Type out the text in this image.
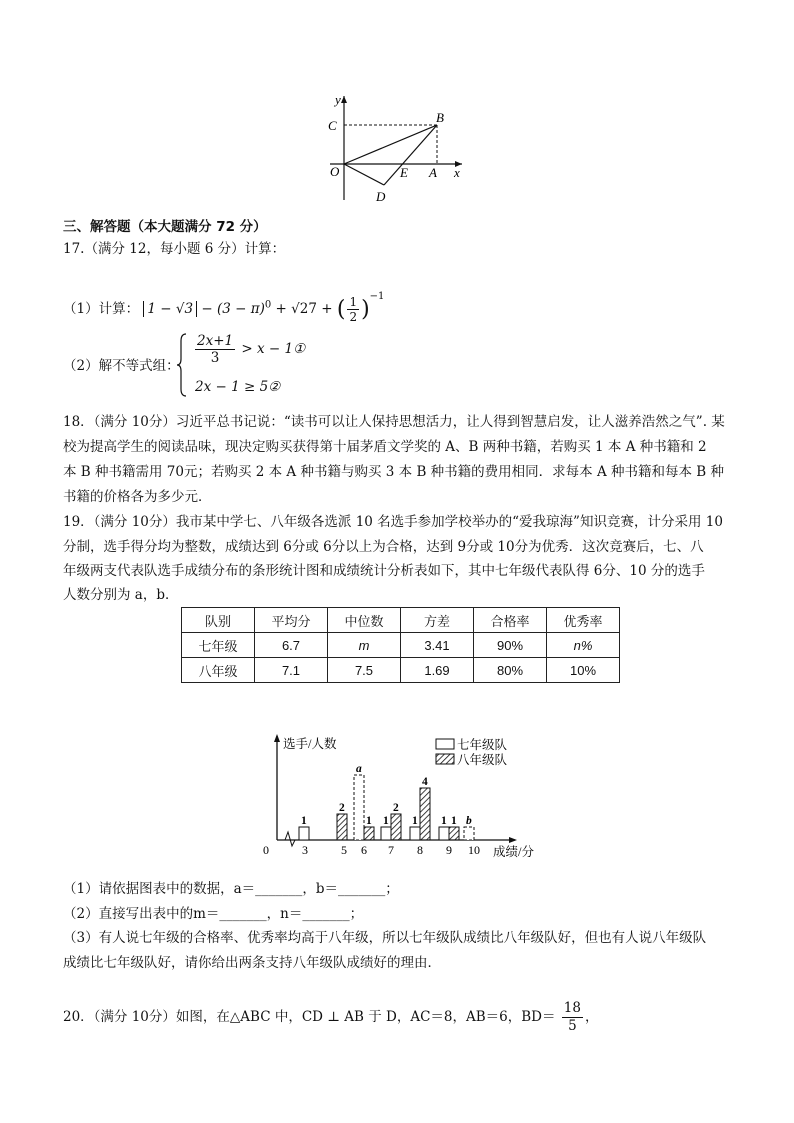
y
x
C
B
O	E A
D
三、解答题（本大题满分 72 分）
17.（满分 12，每小题 6 分）计算：
（1）计算： $1 - √3 - (3 - \pi)^0 + √27$ + ( $\frac{1}{2} )^{-1}$
（2）解不等式组： $\frac{2x+1}{3} > x$ − 1①
2x − 1 ≥ 5②
18．（满分 10分）习近平总书记说：“读书可以让人保持思想活力，让人得到智慧启发，让人滋养浩然之气”. 某
校为提高学生的阅读品味，现决定购买获得第十届茅盾文学奖的 A、B 两种书籍，若购买 1 本 A 种书籍和 2
本 B 种书籍需用 70元；若购买 2 本 A 种书籍与购买 3 本 B 种书籍的费用相同．求每本 A 种书籍和每本 B 种
书籍的价格各为多少元．
19．（满分 10分）我市某中学七、八年级各选派 10 名选手参加学校举办的“爱我琼海”知识竞赛，计分采用 10
分制，选手得分均为整数，成绩达到 6分或 6分以上为合格，达到 9分或 10分为优秀．这次竞赛后，七、八
年级两支代表队选手成绩分布的条形统计图和成绩统计分析表如下，其中七年级代表队得 6分、10 分的选手
人数分别为 a，b．
队别	平均分	中位数	方差	合格率	优秀率
七年级	6.7	m	3.41	90%	n%
八年级	7.1	7.5	1.69	80%	10%
选手/人数
成绩/分
0
七年级队
八年级队
3	5 6 7 8 9 10
1
2
a
1 1
2
1
4
1 1 b
（1）请依据图表中的数据，a＝_______，b＝_______；
（2）直接写出表中的m＝_______，n＝_______；
（3）有人说七年级的合格率、优秀率均高于八年级，所以七年级队成绩比八年级队好，但也有人说八年级队
成绩比七年级队好，请你给出两条支持八年级队成绩好的理由．
20．（满分 10分）如图，在△ABC 中，CD ⊥ AB 于 D，AC＝8，AB＝6，$BD= \frac{18}{5}$ ，
